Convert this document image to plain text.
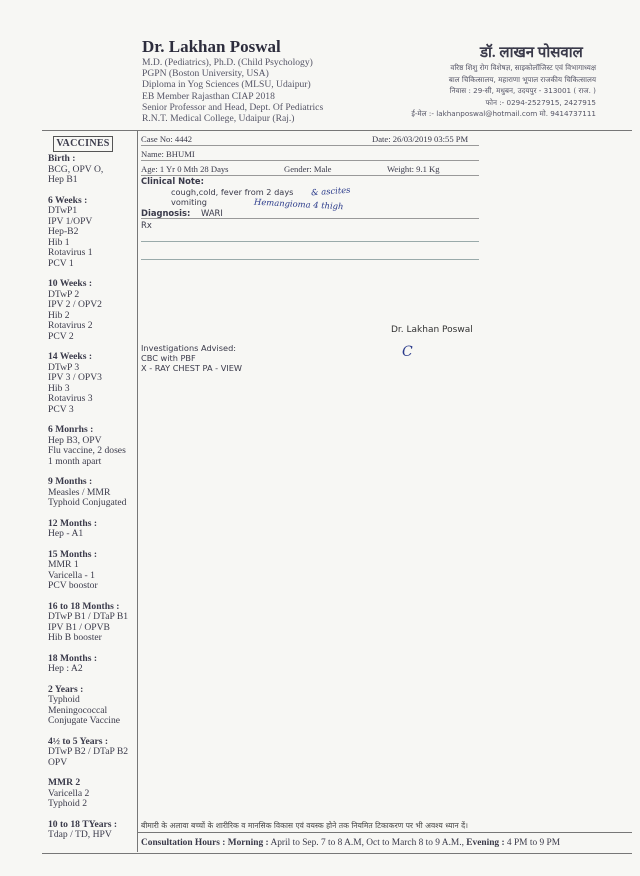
Dr. Lakhan Poswal
M.D. (Pediatrics), Ph.D. (Child Psychology)
PGPN (Boston University, USA)
Diploma in Yog Sciences (MLSU, Udaipur)
EB Member Rajasthan CIAP 2018
Senior Professor and Head, Dept. Of Pediatrics
R.N.T. Medical College, Udaipur (Raj.)
डॉ. लाखन पोसवाल
वरिष्ठ शिशु रोग विशेषज्ञ, साइकोलॉजिस्ट एवं विभागाध्यक्ष
बाल चिकित्सालय, महाराणा भूपाल राजकीय चिकित्सालय
निवास : 29-सी, मधुबन, उदयपुर - 313001 ( राज. )
फोन :- 0294-2527915, 2427915
ई-मेल :- lakhanposwal@hotmail.com मो. 9414737111
VACCINES
Birth :
BCG, OPV O,
Hep B1
6 Weeks :
DTwP1
IPV 1/OPV
Hep-B2
Hib 1
Rotavirus 1
PCV 1
10 Weeks :
DTwP 2
IPV 2 / OPV2
Hib 2
Rotavirus 2
PCV 2
14 Weeks :
DTwP 3
IPV 3 / OPV3
Hib 3
Rotavirus 3
PCV 3
6 Monrhs :
Hep B3, OPV
Flu vaccine, 2 doses
1 month apart
9 Months :
Measles / MMR
Typhoid Conjugated
12 Months :
Hep - A1
15 Months :
MMR 1
Varicella - 1
PCV boostor
16 to 18 Months :
DTwP B1 / DTaP B1
IPV B1 / OPVB
Hib B booster
18 Months :
Hep : A2
2 Years :
Typhoid
Meningococcal
Conjugate Vaccine
4½ to 5 Years :
DTwP B2 / DTaP B2
OPV
MMR 2
Varicella 2
Typhoid 2
10 to 18 TYears :
Tdap / TD, HPV
Case No: 4442	Date: 26/03/2019 03:55 PM
Name: BHUMI
Age: 1 Yr 0 Mth 28 Days	Gender: Male	Weight: 9.1 Kg
Clinical Note:
cough,cold, fever from 2 days
vomiting
& ascites
Hemangioma 4 thigh
Diagnosis: WARI
Rx
Dr. Lakhan Poswal
C
Investigations Advised:
CBC with PBF
X - RAY CHEST PA - VIEW
बीमारी के अलावा बच्चों के शारीरिक व मानसिक विकास एवं वयस्क होने तक नियमित टिकाकरण पर भी अवश्य ध्यान दें।
Consultation Hours : Morning : April to Sep. 7 to 8 A.M, Oct to March 8 to 9 A.M., Evening : 4 PM to 9 PM
